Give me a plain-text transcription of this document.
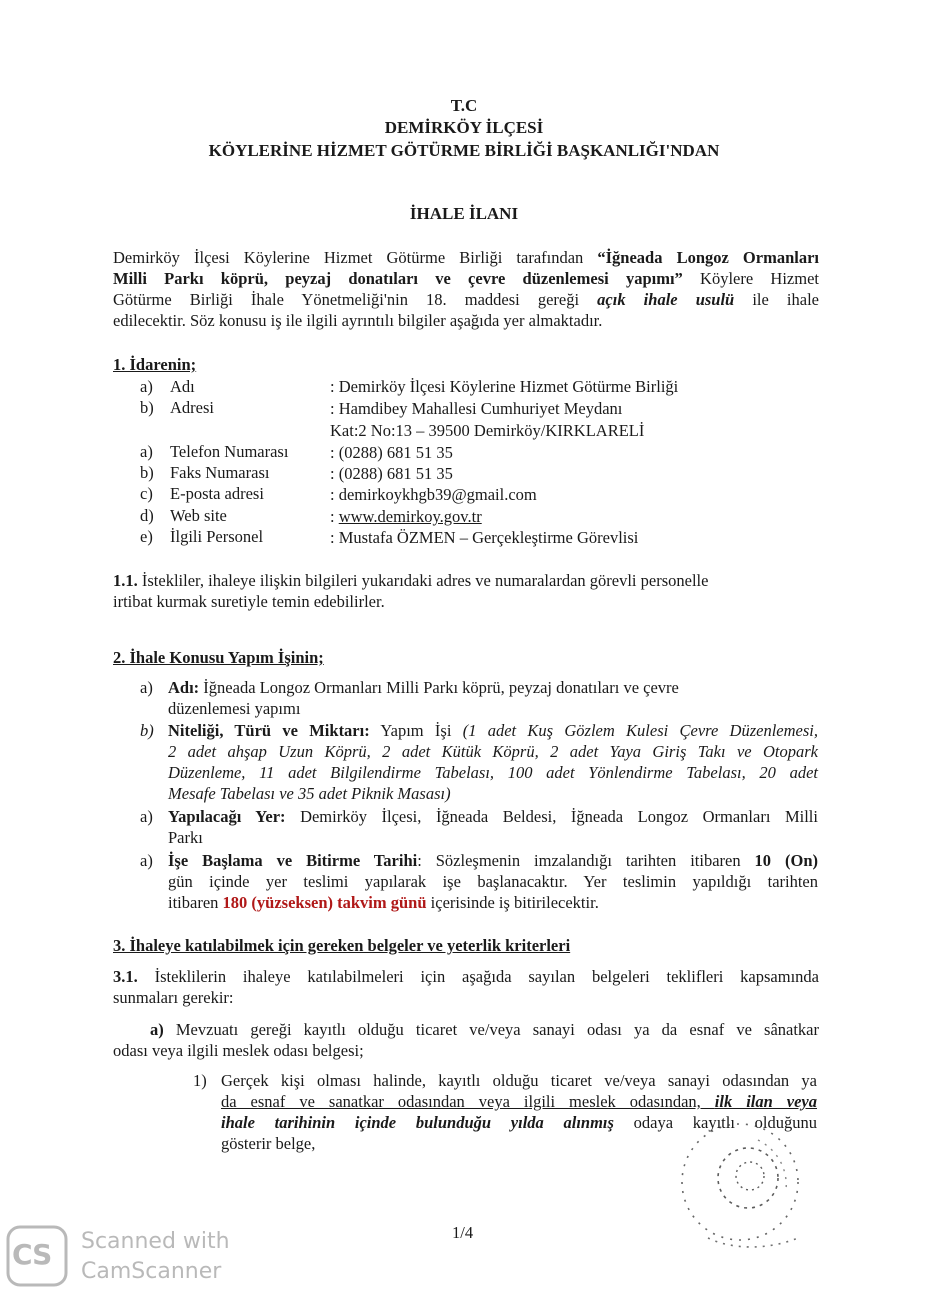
T.C
DEMİRKÖY İLÇESİ
KÖYLERİNE HİZMET GÖTÜRME BİRLİĞİ BAŞKANLIĞI'NDAN
İHALE İLANI
Demirköy İlçesi Köylerine Hizmet Götürme Birliği tarafından “İğneada Longoz Ormanları
Milli Parkı köprü, peyzaj donatıları ve çevre düzenlemesi yapımı” Köylere Hizmet
Götürme Birliği İhale Yönetmeliği'nin 18. maddesi gereği açık ihale usulü ile ihale
edilecektir. Söz konusu iş ile ilgili ayrıntılı bilgiler aşağıda yer almaktadır.
1. İdarenin;
a) Adı	: Demirköy İlçesi Köylerine Hizmet Götürme Birliği
b) Adresi	: Hamdibey Mahallesi Cumhuriyet Meydanı
Kat:2 No:13 – 39500 Demirköy/KIRKLARELİ
a) Telefon Numarası	: (0288) 681 51 35
b) Faks Numarası	: (0288) 681 51 35
c) E-posta adresi	: demirkoykhgb39@gmail.com
d) Web site	: www.demirkoy.gov.tr
e) İlgili Personel	: Mustafa ÖZMEN – Gerçekleştirme Görevlisi
1.1. İstekliler, ihaleye ilişkin bilgileri yukarıdaki adres ve numaralardan görevli personelle
irtibat kurmak suretiyle temin edebilirler.
2. İhale Konusu Yapım İşinin;
a) Adı: İğneada Longoz Ormanları Milli Parkı köprü, peyzaj donatıları ve çevre
düzenlemesi yapımı
b) Niteliği, Türü ve Miktarı: Yapım İşi (1 adet Kuş Gözlem Kulesi Çevre Düzenlemesi,
2 adet ahşap Uzun Köprü, 2 adet Kütük Köprü, 2 adet Yaya Giriş Takı ve Otopark
Düzenleme, 11 adet Bilgilendirme Tabelası, 100 adet Yönlendirme Tabelası, 20 adet
Mesafe Tabelası ve 35 adet Piknik Masası)
a) Yapılacağı Yer: Demirköy İlçesi, İğneada Beldesi, İğneada Longoz Ormanları Milli
Parkı
a) İşe Başlama ve Bitirme Tarihi: Sözleşmenin imzalandığı tarihten itibaren 10 (On)
gün içinde yer teslimi yapılarak işe başlanacaktır. Yer teslimin yapıldığı tarihten
itibaren 180 (yüzseksen) takvim günü içerisinde iş bitirilecektir.
3. İhaleye katılabilmek için gereken belgeler ve yeterlik kriterleri
3.1. İsteklilerin ihaleye katılabilmeleri için aşağıda sayılan belgeleri teklifleri kapsamında
sunmaları gerekir:
a) Mevzuatı gereği kayıtlı olduğu ticaret ve/veya sanayi odası ya da esnaf ve sânatkar
odası veya ilgili meslek odası belgesi;
1) Gerçek kişi olması halinde, kayıtlı olduğu ticaret ve/veya sanayi odasından ya
da esnaf ve sanatkar odasından veya ilgili meslek odasından, ilk ilan veya
ihale tarihinin içinde bulunduğu yılda alınmış odaya kayıtlı olduğunu
gösterir belge,
1/4
CS Scanned with
CamScanner
